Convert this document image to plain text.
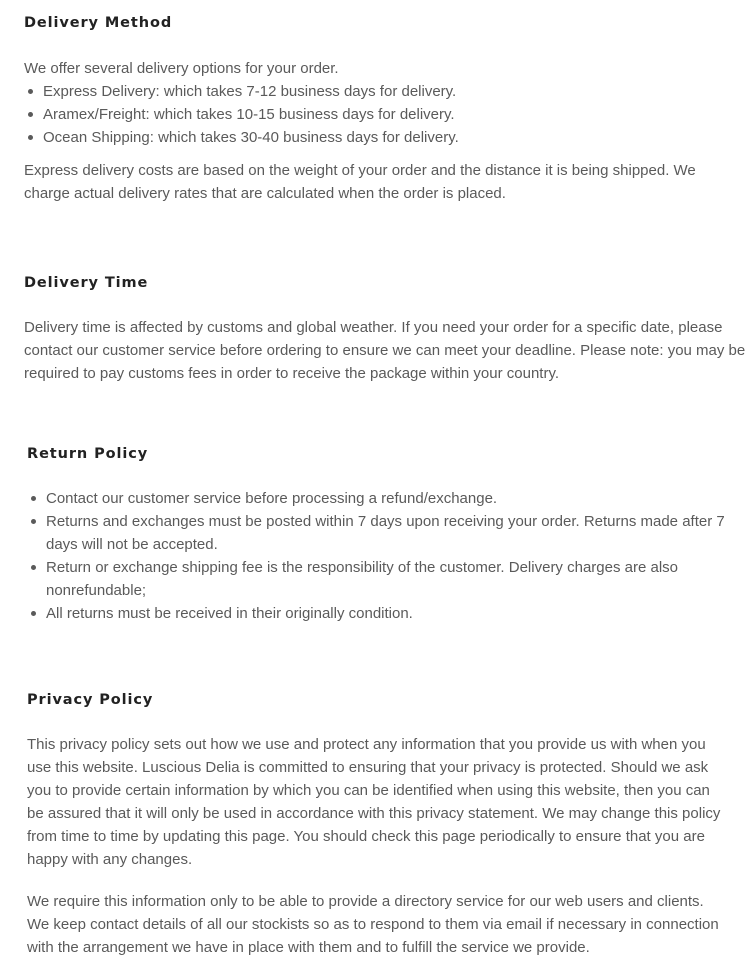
Delivery Method

We offer several delivery options for your order.

Express Delivery: which takes 7-12 business days for delivery.
Aramex/Freight: which takes 10-15 business days for delivery.
Ocean Shipping: which takes 30-40 business days for delivery.

Express delivery costs are based on the weight of your order and the distance it is being shipped. We charge actual delivery rates that are calculated when the order is placed.

Delivery Time

Delivery time is affected by customs and global weather. If you need your order for a specific date, please contact our customer service before ordering to ensure we can meet your deadline. Please note: you may be required to pay customs fees in order to receive the package within your country.

Return Policy
Contact our customer service before processing a refund/exchange.
Returns and exchanges must be posted within 7 days upon receiving your order. Returns made after 7 days will not be accepted.
Return or exchange shipping fee is the responsibility of the customer. Delivery charges are also nonrefundable;
All returns must be received in their originally condition.
Privacy Policy

This privacy policy sets out how we use and protect any information that you provide us with when you use this website. Luscious Delia is committed to ensuring that your privacy is protected. Should we ask you to provide certain information by which you can be identified when using this website, then you can be assured that it will only be used in accordance with this privacy statement. We may change this policy from time to time by updating this page. You should check this page periodically to ensure that you are happy with any changes.

We require this information only to be able to provide a directory service for our web users and clients. We keep contact details of all our stockists so as to respond to them via email if necessary in connection with the arrangement we have in place with them and to fulfill the service we provide.
